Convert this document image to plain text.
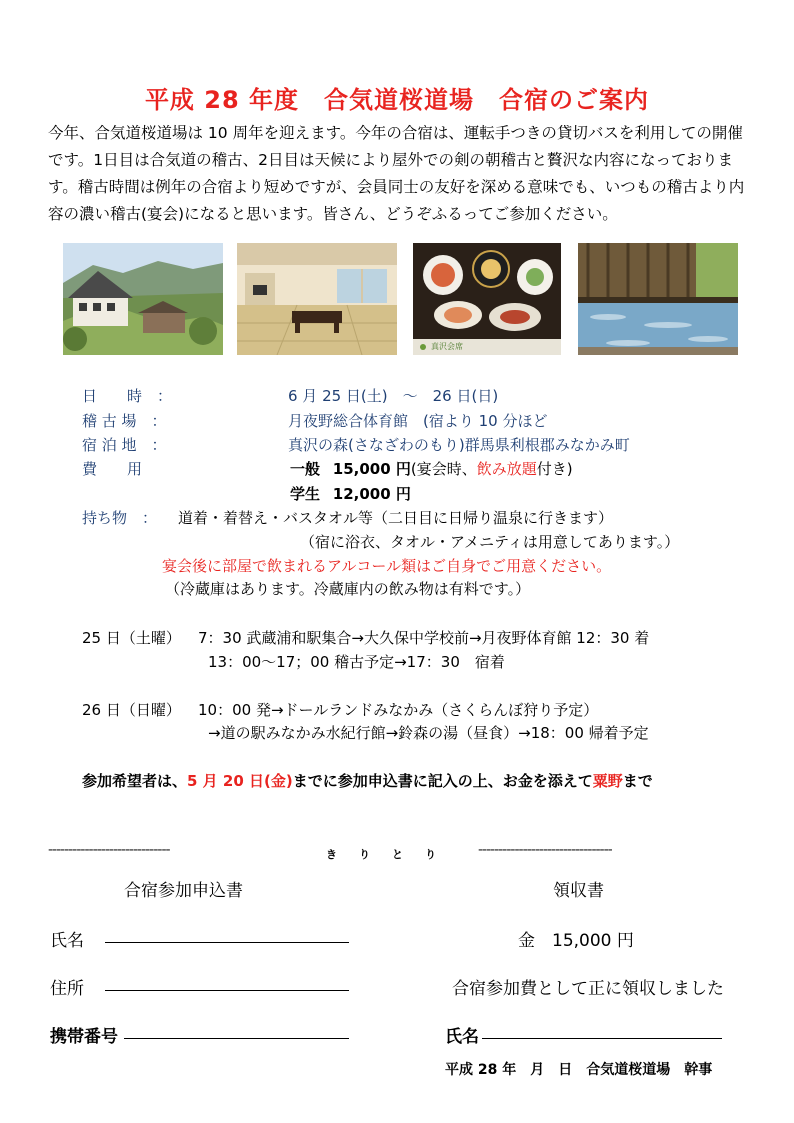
平成 28 年度　合気道桜道場　合宿のご案内
今年、合気道桜道場は 10 周年を迎えます。今年の合宿は、運転手つきの貸切バスを利用しての開催です。1日目は合気道の稽古、2日目は天候により屋外での剣の朝稽古と贅沢な内容になっております。稽古時間は例年の合宿より短めですが、会員同士の友好を深める意味でも、いつもの稽古より内容の濃い稽古(宴会)になると思います。皆さん、どうぞふるってご参加ください。
真沢会席
日　　時　：	6 月 25 日(土)　～　26 日(日)
稽 古 場　：	月夜野総合体育館　(宿より 10 分ほど
宿 泊 地　：	真沢の森(さなざわのもり)群馬県利根郡みなかみ町
費　　用	一般 15,000 円(宴会時、飲み放題付き)
学生 12,000 円
持ち物　： 道着・着替え・バスタオル等（二日目に日帰り温泉に行きます）
（宿に浴衣、タオル・アメニティは用意してあります。）
宴会後に部屋で飲まれるアルコール類はご自身でご用意ください。
（冷蔵庫はあります。冷蔵庫内の飲み物は有料です。）
25 日（土曜） 7：30 武蔵浦和駅集合→大久保中学校前→月夜野体育館 12：30 着
13：00～17；00 稽古予定→17：30　宿着
26 日（日曜） 10：00 発→ドールランドみなかみ（さくらんぼ狩り予定）
→道の駅みなかみ水紀行館→鈴森の湯（昼食）→18：00 帰着予定
参加希望者は、5 月 20 日(金)までに参加申込書に記入の上、お金を添えて粟野まで
------------------------------	きりとり ---------------------------------
合宿参加申込書
氏名
住所
携帯番号
領収書
金　15,000 円
合宿参加費として正に領収しました
氏名
平成 28 年　月　日　合気道桜道場　幹事
